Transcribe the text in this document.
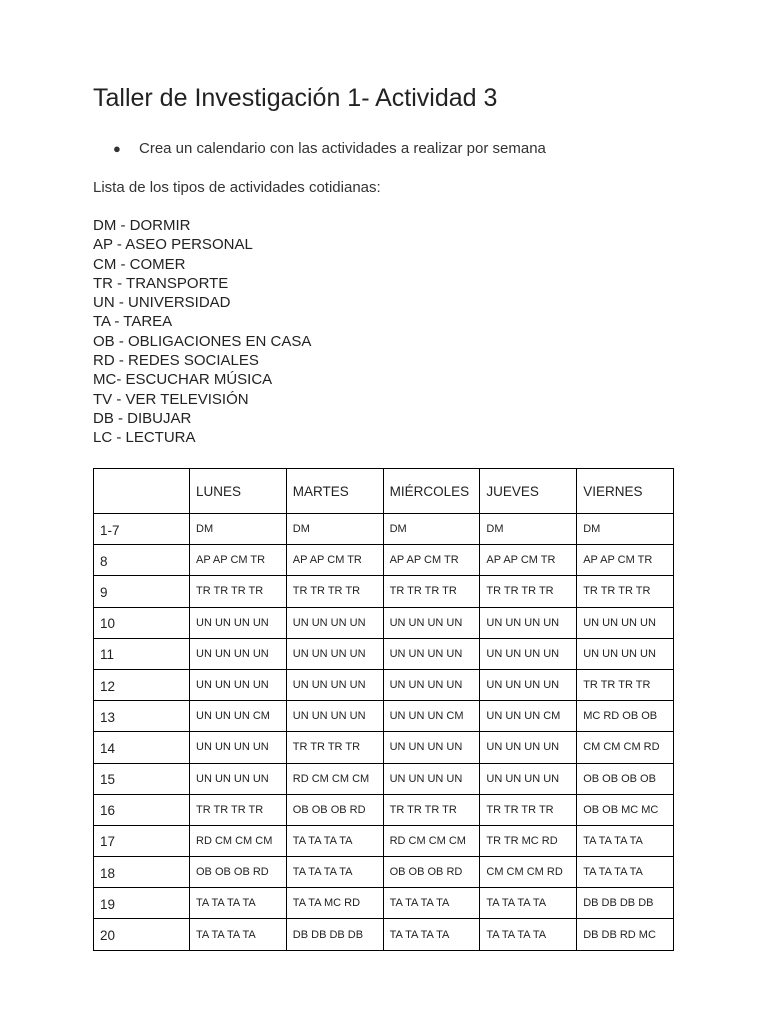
Taller de Investigación 1- Actividad 3
● Crea un calendario con las actividades a realizar por semana
Lista de los tipos de actividades cotidianas:
DM - DORMIR
AP - ASEO PERSONAL
CM - COMER
TR - TRANSPORTE
UN - UNIVERSIDAD
TA - TAREA
OB - OBLIGACIONES EN CASA
RD - REDES SOCIALES
MC- ESCUCHAR MÚSICA
TV - VER TELEVISIÓN
DB - DIBUJAR
LC - LECTURA
	LUNES	MARTES	MIÉRCOLES	JUEVES	VIERNES
1-7	DM	DM	DM	DM	DM
8	AP AP CM TR	AP AP CM TR	AP AP CM TR	AP AP CM TR	AP AP CM TR
9	TR TR TR TR	TR TR TR TR	TR TR TR TR	TR TR TR TR	TR TR TR TR
10	UN UN UN UN	UN UN UN UN	UN UN UN UN	UN UN UN UN	UN UN UN UN
11	UN UN UN UN	UN UN UN UN	UN UN UN UN	UN UN UN UN	UN UN UN UN
12	UN UN UN UN	UN UN UN UN	UN UN UN UN	UN UN UN UN	TR TR TR TR
13	UN UN UN CM	UN UN UN UN	UN UN UN CM	UN UN UN CM	MC RD OB OB
14	UN UN UN UN	TR TR TR TR	UN UN UN UN	UN UN UN UN	CM CM CM RD
15	UN UN UN UN	RD CM CM CM	UN UN UN UN	UN UN UN UN	OB OB OB OB
16	TR TR TR TR	OB OB OB RD	TR TR TR TR	TR TR TR TR	OB OB MC MC
17	RD CM CM CM	TA TA TA TA	RD CM CM CM	TR TR MC RD	TA TA TA TA
18	OB OB OB RD	TA TA TA TA	OB OB OB RD	CM CM CM RD	TA TA TA TA
19	TA TA TA TA	TA TA MC RD	TA TA TA TA	TA TA TA TA	DB DB DB DB
20	TA TA TA TA	DB DB DB DB	TA TA TA TA	TA TA TA TA	DB DB RD MC
